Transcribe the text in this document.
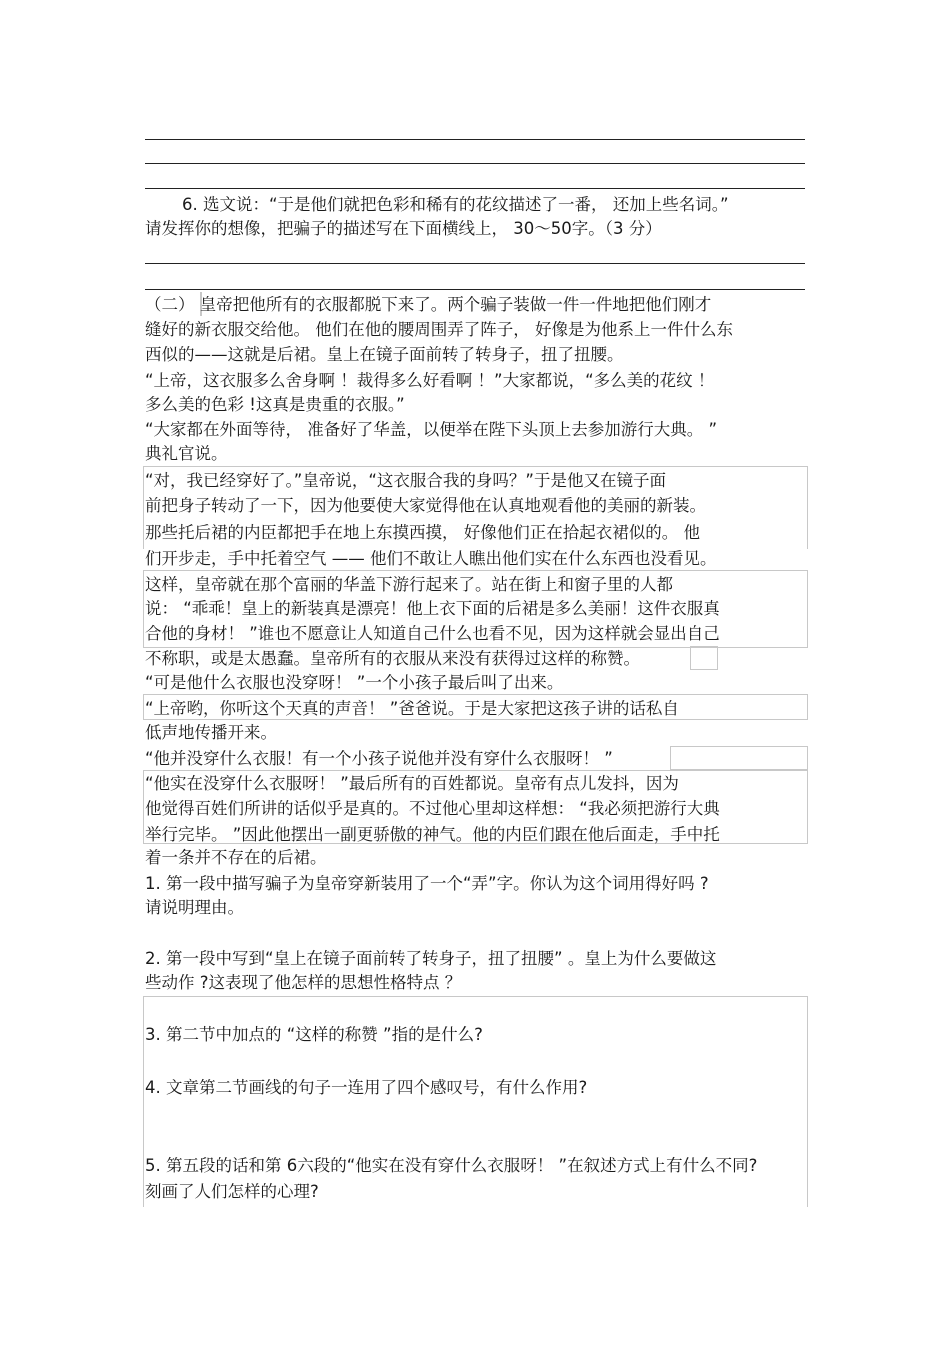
6. 选文说：“于是他们就把色彩和稀有的花纹描述了一番， 还加上些名词。”
请发挥你的想像，把骗子的描述写在下面横线上， 30～50字。（3 分）
（二） 皇帝把他所有的衣服都脱下来了。两个骗子装做一件一件地把他们刚才
缝好的新衣服交给他。 他们在他的腰周围弄了阵子， 好像是为他系上一件什么东
西似的——这就是后裙。皇上在镜子面前转了转身子，扭了扭腰。
“上帝，这衣服多么舍身啊 ！裁得多么好看啊 ！”大家都说，“多么美的花纹 ！
多么美的色彩 !这真是贵重的衣服。”
“大家都在外面等待， 准备好了华盖，以便举在陛下头顶上去参加游行大典。 ”
典礼官说。
“对，我已经穿好了。”皇帝说，“这衣服合我的身吗？”于是他又在镜子面
前把身子转动了一下，因为他要使大家觉得他在认真地观看他的美丽的新装。
那些托后裙的内臣都把手在地上东摸西摸， 好像他们正在拾起衣裙似的。 他
们开步走，手中托着空气 —— 他们不敢让人瞧出他们实在什么东西也没看见。
这样，皇帝就在那个富丽的华盖下游行起来了。站在街上和窗子里的人都
说： “乖乖！皇上的新装真是漂亮！他上衣下面的后裙是多么美丽！这件衣服真
合他的身材！ ”谁也不愿意让人知道自己什么也看不见，因为这样就会显出自己
不称职，或是太愚蠢。皇帝所有的衣服从来没有获得过这样的称赞。
“可是他什么衣服也没穿呀！ ”一个小孩子最后叫了出来。
“上帝哟，你听这个天真的声音！ ”爸爸说。于是大家把这孩子讲的话私自
低声地传播开来。
“他并没穿什么衣服！有一个小孩子说他并没有穿什么衣服呀！ ”
“他实在没穿什么衣服呀！ ”最后所有的百姓都说。皇帝有点儿发抖，因为
他觉得百姓们所讲的话似乎是真的。不过他心里却这样想： “我必须把游行大典
举行完毕。 ”因此他摆出一副更骄傲的神气。他的内臣们跟在他后面走，手中托
着一条并不存在的后裙。
1. 第一段中描写骗子为皇帝穿新装用了一个“弄”字。你认为这个词用得好吗 ?
请说明理由。
2. 第一段中写到“皇上在镜子面前转了转身子，扭了扭腰” 。皇上为什么要做这
些动作 ?这表现了他怎样的思想性格特点 ？
3. 第二节中加点的 “这样的称赞 ”指的是什么?
4. 文章第二节画线的句子一连用了四个感叹号，有什么作用?
5. 第五段的话和第 6六段的“他实在没有穿什么衣服呀！ ”在叙述方式上有什么不同?
刻画了人们怎样的心理?
